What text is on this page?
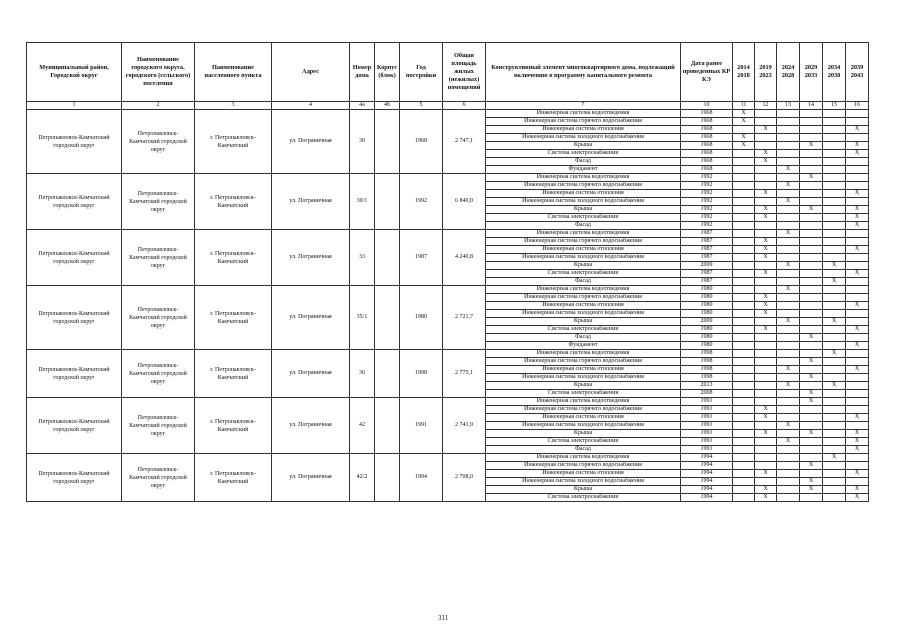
Муниципальный район, Городской округ	Наименование городского округа, городского (сельского) поселения	Наименование населенного пункта	Адрес	Номер дома	Корпус (блок)	Год постройки	Общая площадь жилых (нежилых) помещений	Конструктивный элемент многоквартирного дома, подлежащий включению в программу капитального ремонта	Дата ранее проведенных КР КЭ	2014 2018	2019 2023	2024 2028	2029 2033	2034 2038	2039 2043
1	2	3	4	4а	4б	5	6	7	10	11	12	13	14	15	16
Петропавловск-Камчатский городской округ	Петропавловск-Камчатский городской округ	г. Петропавловск-Камчатский	ул. Пограничная	30		1968	2 747,1	Инженерная система водоотведения	1968	X					
								Инженерная система горячего водоснабжения	1968	X					
								Инженерная система отопления	1968		X				X
								Инженерная система холодного водоснабжения	1968	X					
								Крыша	1968	X			X		X
								Система электроснабжения	1968		X				X
								Фасад	1968		X				
								Фундамент	1968			X			
Петропавловск-Камчатский городской округ	Петропавловск-Камчатский городской округ	г. Петропавловск-Камчатский	ул. Пограничная	30/1		1992	6 840,0	Инженерная система водоотведения	1992				X		
								Инженерная система горячего водоснабжения	1992			X			
								Инженерная система отопления	1992		X				X
								Инженерная система холодного водоснабжения	1992			X			
								Крыша	1992		X		X		X
								Система электроснабжения	1992		X				X
								Фасад	1992						X
Петропавловск-Камчатский городской округ	Петропавловск-Камчатский городской округ	г. Петропавловск-Камчатский	ул. Пограничная	33		1987	4 240,8	Инженерная система водоотведения	1987			X			
								Инженерная система горячего водоснабжения	1987		X				
								Инженерная система отопления	1987		X				X
								Инженерная система холодного водоснабжения	1987		X				
								Крыша	2009			X		X	
								Система электроснабжения	1987		X				X
								Фасад	1987					X	
Петропавловск-Камчатский городской округ	Петропавловск-Камчатский городской округ	г. Петропавловск-Камчатский	ул. Пограничная	35/1		1980	2 721,7	Инженерная система водоотведения	1980			X			
								Инженерная система горячего водоснабжения	1980		X				
								Инженерная система отопления	1980		X				X
								Инженерная система холодного водоснабжения	1980		X				
								Крыша	2009			X		X	
								Система электроснабжения	1980		X				X
								Фасад	1980				X		
								Фундамент	1980						X
Петропавловск-Камчатский городской округ	Петропавловск-Камчатский городской округ	г. Петропавловск-Камчатский	ул. Пограничная	36		1998	2 775,1	Инженерная система водоотведения	1998					X	
								Инженерная система горячего водоснабжения	1998				X		
								Инженерная система отопления	1998			X			X
								Инженерная система холодного водоснабжения	1998				X		
								Крыша	2013			X		X	
								Система электроснабжения	2008				X		
Петропавловск-Камчатский городской округ	Петропавловск-Камчатский городской округ	г. Петропавловск-Камчатский	ул. Пограничная	42		1991	2 741,9	Инженерная система водоотведения	1991				X		
								Инженерная система горячего водоснабжения	1991		X				
								Инженерная система отопления	1991		X				X
								Инженерная система холодного водоснабжения	1991			X			
								Крыша	1991		X		X		X
								Система электроснабжения	1991			X			X
								Фасад	1991						X
Петропавловск-Камчатский городской округ	Петропавловск-Камчатский городской округ	г. Петропавловск-Камчатский	ул. Пограничная	42/2		1994	2 708,0	Инженерная система водоотведения	1994					X	
								Инженерная система горячего водоснабжения	1994				X		
								Инженерная система отопления	1994		X				X
								Инженерная система холодного водоснабжения	1994				X		
								Крыша	1994		X		X		X
								Система электроснабжения	1994		X				X
311
